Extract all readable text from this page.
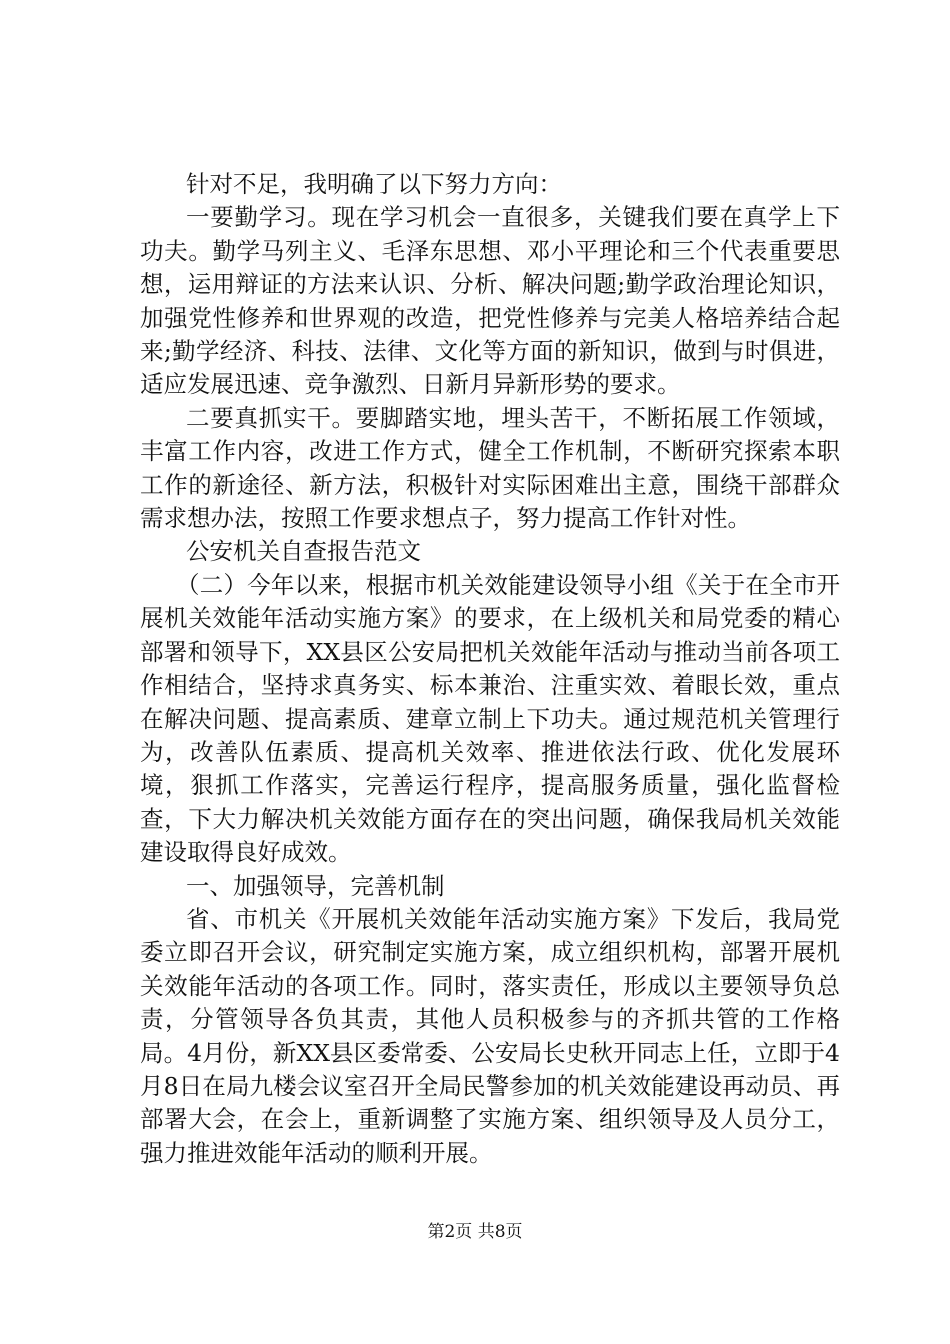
针对不足，我明确了以下努力方向：

一要勤学习。现在学习机会一直很多，关键我们要在真学上下功夫。勤学马列主义、毛泽东思想、邓小平理论和三个代表重要思想，运用辩证的方法来认识、分析、解决问题;勤学政治理论知识，加强党性修养和世界观的改造，把党性修养与完美人格培养结合起来;勤学经济、科技、法律、文化等方面的新知识，做到与时俱进，适应发展迅速、竞争激烈、日新月异新形势的要求。

二要真抓实干。要脚踏实地，埋头苦干，不断拓展工作领域，丰富工作内容，改进工作方式，健全工作机制，不断研究探索本职工作的新途径、新方法，积极针对实际困难出主意，围绕干部群众需求想办法，按照工作要求想点子，努力提高工作针对性。

公安机关自查报告范文

（二）今年以来，根据市机关效能建设领导小组《关于在全市开展机关效能年活动实施方案》的要求，在上级机关和局党委的精心部署和领导下，XX县区公安局把机关效能年活动与推动当前各项工作相结合，坚持求真务实、标本兼治、注重实效、着眼长效，重点在解决问题、提高素质、建章立制上下功夫。通过规范机关管理行为，改善队伍素质、提高机关效率、推进依法行政、优化发展环境，狠抓工作落实，完善运行程序，提高服务质量，强化监督检查，下大力解决机关效能方面存在的突出问题，确保我局机关效能建设取得良好成效。

一、加强领导，完善机制

省、市机关《开展机关效能年活动实施方案》下发后，我局党委立即召开会议，研究制定实施方案，成立组织机构，部署开展机关效能年活动的各项工作。同时，落实责任，形成以主要领导负总责，分管领导各负其责，其他人员积极参与的齐抓共管的工作格局。4月份，新XX县区委常委、公安局长史秋开同志上任，立即于4月8日在局九楼会议室召开全局民警参加的机关效能建设再动员、再部署大会，在会上，重新调整了实施方案、组织领导及人员分工，强力推进效能年活动的顺利开展。

第2页 共8页
